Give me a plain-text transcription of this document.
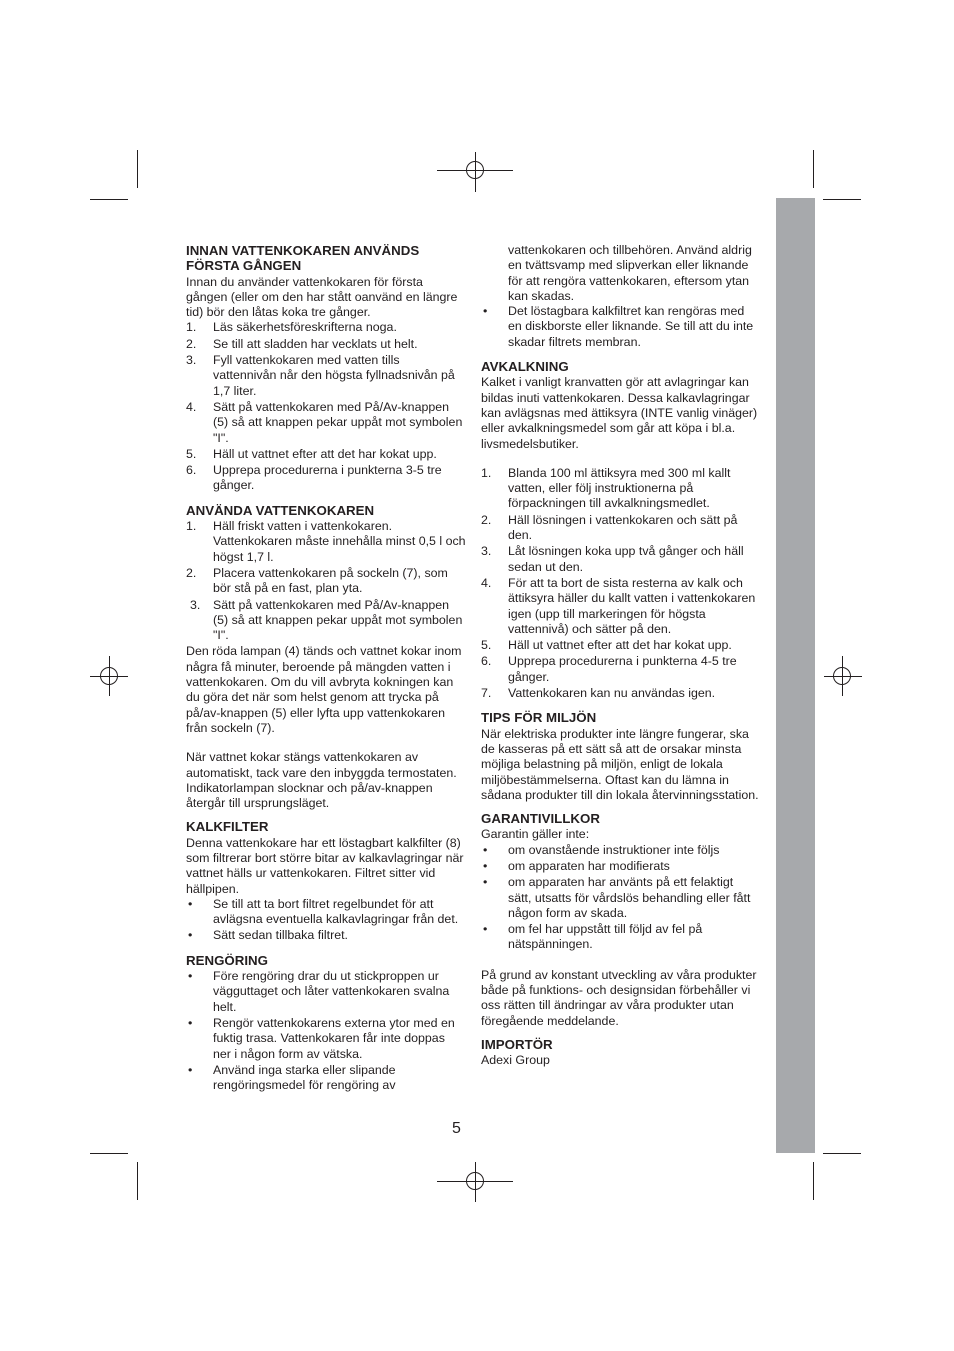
INNAN VATTENKOKAREN ANVÄNDS FÖRSTA GÅNGEN

Innan du använder vattenkokaren för första gången (eller om den har stått oanvänd en längre tid) bör den låtas koka tre gånger.

1. Läs säkerhetsföreskrifterna noga.
2. Se till att sladden har vecklats ut helt.
3. Fyll vattenkokaren med vatten tills vattennivån når den högsta fyllnadsnivån på 1,7 liter.
4. Sätt på vattenkokaren med På/Av-knappen (5) så att knappen pekar uppåt mot symbolen "I".
5. Häll ut vattnet efter att det har kokat upp.
6. Upprepa procedurerna i punkterna 3-5 tre gånger.
ANVÄNDA VATTENKOKAREN
1. Häll friskt vatten i vattenkokaren. Vattenkokaren måste innehålla minst 0,5 l och högst 1,7 l.
2. Placera vattenkokaren på sockeln (7), som bör stå på en fast, plan yta.
3. Sätt på vattenkokaren med På/Av-knappen (5) så att knappen pekar uppåt mot symbolen "I".

Den röda lampan (4) tänds och vattnet kokar inom några få minuter, beroende på mängden vatten i vattenkokaren. Om du vill avbryta kokningen kan du göra det när som helst genom att trycka på på/av-knappen (5) eller lyfta upp vattenkokaren från sockeln (7).

När vattnet kokar stängs vattenkokaren av automatiskt, tack vare den inbyggda termostaten. Indikatorlampan slocknar och på/av-knappen återgår till ursprungsläget.

KALKFILTER

Denna vattenkokare har ett löstagbart kalkfilter (8) som filtrerar bort större bitar av kalkavlagringar när vattnet hälls ur vattenkokaren. Filtret sitter vid hällpipen.

• Se till att ta bort filtret regelbundet för att avlägsna eventuella kalkavlagringar från det.
• Sätt sedan tillbaka filtret.
RENGÖRING
• Före rengöring drar du ut stickproppen ur vägguttaget och låter vattenkokaren svalna helt.
• Rengör vattenkokarens externa ytor med en fuktig trasa. Vattenkokaren får inte doppas ner i någon form av vätska.
• Använd inga starka eller slipande rengöringsmedel för rengöring av

vattenkokaren och tillbehören. Använd aldrig en tvättsvamp med slipverkan eller liknande för att rengöra vattenkokaren, eftersom ytan kan skadas.

• Det löstagbara kalkfiltret kan rengöras med en diskborste eller liknande. Se till att du inte skadar filtrets membran.
AVKALKNING

Kalket i vanligt kranvatten gör att avlagringar kan bildas inuti vattenkokaren. Dessa kalkavlagringar kan avlägsnas med ättiksyra (INTE vanlig vinäger) eller avkalkningsmedel som går att köpa i bl.a. livsmedelsbutiker.

1. Blanda 100 ml ättiksyra med 300 ml kallt vatten, eller följ instruktionerna på förpackningen till avkalkningsmedlet.
2. Häll lösningen i vattenkokaren och sätt på den.
3. Låt lösningen koka upp två gånger och häll sedan ut den.
4. För att ta bort de sista resterna av kalk och ättiksyra häller du kallt vatten i vattenkokaren igen (upp till markeringen för högsta vattennivå) och sätter på den.
5. Häll ut vattnet efter att det har kokat upp.
6. Upprepa procedurerna i punkterna 4-5 tre gånger.
7. Vattenkokaren kan nu användas igen.
TIPS FÖR MILJÖN

När elektriska produkter inte längre fungerar, ska de kasseras på ett sätt så att de orsakar minsta möjliga belastning på miljön, enligt de lokala miljöbestämmelserna. Oftast kan du lämna in sådana produkter till din lokala återvinningsstation.

GARANTIVILLKOR

Garantin gäller inte:

• om ovanstående instruktioner inte följs
• om apparaten har modifierats
• om apparaten har använts på ett felaktigt sätt, utsatts för vårdslös behandling eller fått någon form av skada.
• om fel har uppstått till följd av fel på nätspänningen.

På grund av konstant utveckling av våra produkter både på funktions- och designsidan förbehåller vi oss rätten till ändringar av våra produkter utan föregående meddelande.

IMPORTÖR

Adexi Group

5
